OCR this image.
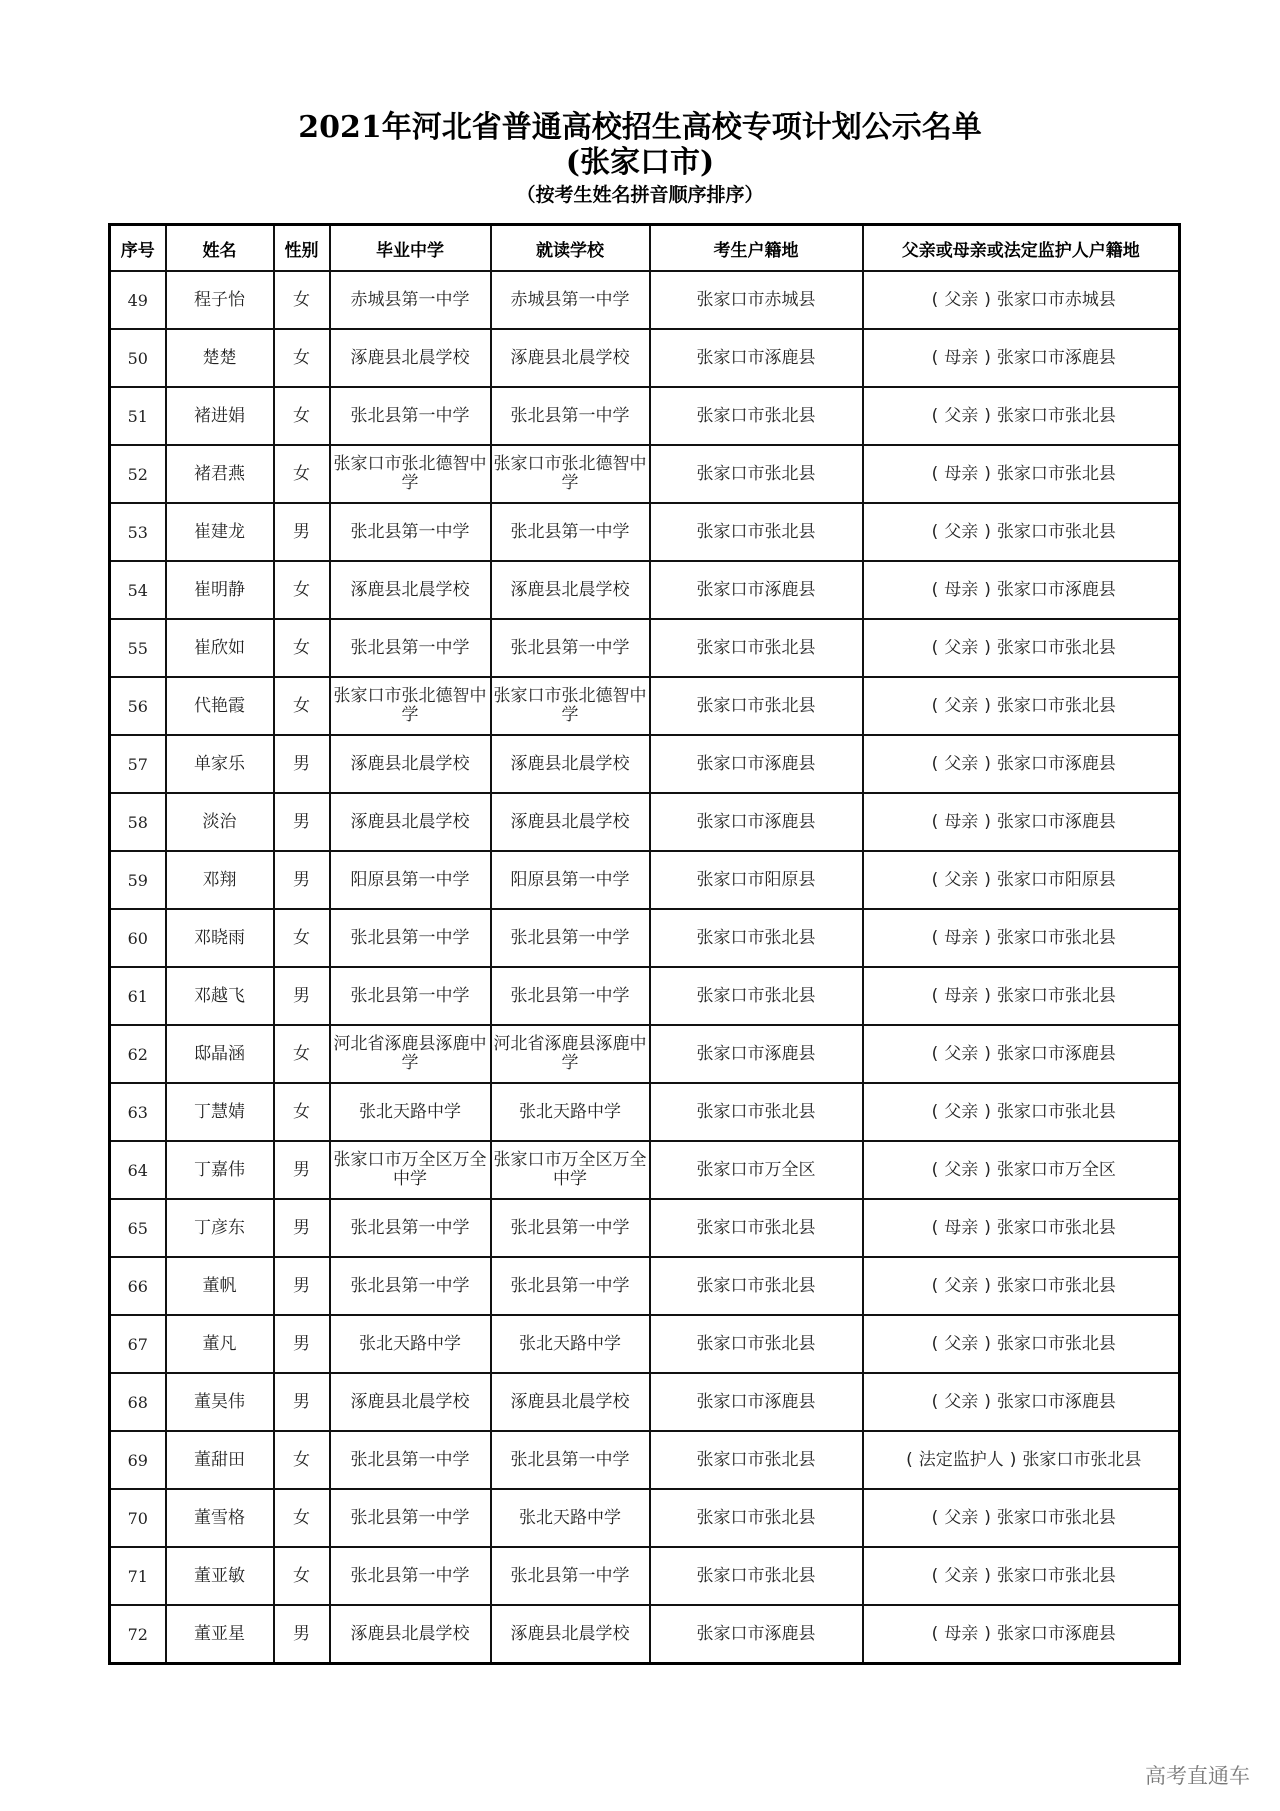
2021年河北省普通高校招生高校专项计划公示名单
(张家口市)
（按考生姓名拼音顺序排序）
序号	姓名	性别	毕业中学	就读学校	考生户籍地	父亲或母亲或法定监护人户籍地
49	程子怡	女	赤城县第一中学	赤城县第一中学	张家口市赤城县	( 父亲 ) 张家口市赤城县
50	楚楚	女	涿鹿县北晨学校	涿鹿县北晨学校	张家口市涿鹿县	( 母亲 ) 张家口市涿鹿县
51	褚进娟	女	张北县第一中学	张北县第一中学	张家口市张北县	( 父亲 ) 张家口市张北县
52	褚君燕	女	张家口市张北德智中学	张家口市张北德智中学	张家口市张北县	( 母亲 ) 张家口市张北县
53	崔建龙	男	张北县第一中学	张北县第一中学	张家口市张北县	( 父亲 ) 张家口市张北县
54	崔明静	女	涿鹿县北晨学校	涿鹿县北晨学校	张家口市涿鹿县	( 母亲 ) 张家口市涿鹿县
55	崔欣如	女	张北县第一中学	张北县第一中学	张家口市张北县	( 父亲 ) 张家口市张北县
56	代艳霞	女	张家口市张北德智中学	张家口市张北德智中学	张家口市张北县	( 父亲 ) 张家口市张北县
57	单家乐	男	涿鹿县北晨学校	涿鹿县北晨学校	张家口市涿鹿县	( 父亲 ) 张家口市涿鹿县
58	淡治	男	涿鹿县北晨学校	涿鹿县北晨学校	张家口市涿鹿县	( 母亲 ) 张家口市涿鹿县
59	邓翔	男	阳原县第一中学	阳原县第一中学	张家口市阳原县	( 父亲 ) 张家口市阳原县
60	邓晓雨	女	张北县第一中学	张北县第一中学	张家口市张北县	( 母亲 ) 张家口市张北县
61	邓越飞	男	张北县第一中学	张北县第一中学	张家口市张北县	( 母亲 ) 张家口市张北县
62	邸晶涵	女	河北省涿鹿县涿鹿中学	河北省涿鹿县涿鹿中学	张家口市涿鹿县	( 父亲 ) 张家口市涿鹿县
63	丁慧婧	女	张北天路中学	张北天路中学	张家口市张北县	( 父亲 ) 张家口市张北县
64	丁嘉伟	男	张家口市万全区万全中学	张家口市万全区万全中学	张家口市万全区	( 父亲 ) 张家口市万全区
65	丁彦东	男	张北县第一中学	张北县第一中学	张家口市张北县	( 母亲 ) 张家口市张北县
66	董帆	男	张北县第一中学	张北县第一中学	张家口市张北县	( 父亲 ) 张家口市张北县
67	董凡	男	张北天路中学	张北天路中学	张家口市张北县	( 父亲 ) 张家口市张北县
68	董昊伟	男	涿鹿县北晨学校	涿鹿县北晨学校	张家口市涿鹿县	( 父亲 ) 张家口市涿鹿县
69	董甜田	女	张北县第一中学	张北县第一中学	张家口市张北县	( 法定监护人 ) 张家口市张北县
70	董雪格	女	张北县第一中学	张北天路中学	张家口市张北县	( 父亲 ) 张家口市张北县
71	董亚敏	女	张北县第一中学	张北县第一中学	张家口市张北县	( 父亲 ) 张家口市张北县
72	董亚星	男	涿鹿县北晨学校	涿鹿县北晨学校	张家口市涿鹿县	( 母亲 ) 张家口市涿鹿县
高考直通车
